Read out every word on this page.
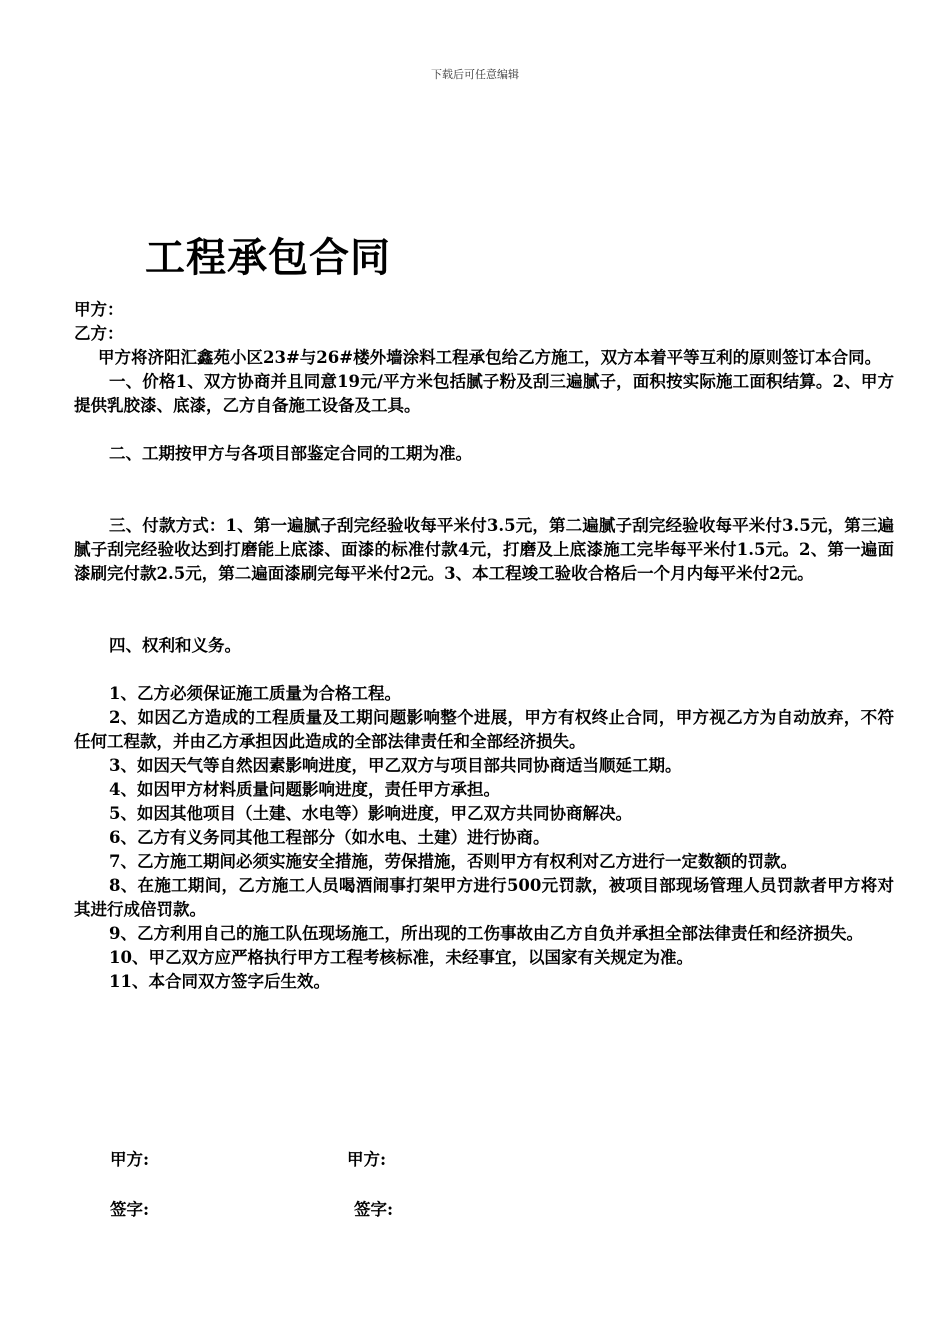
下载后可任意编辑
工程承包合同

甲方：

乙方：

甲方将济阳汇鑫苑小区23#与26#楼外墙涂料工程承包给乙方施工，双方本着平等互利的原则签订本合同。

一、价格1、双方协商并且同意19元/平方米包括腻子粉及刮三遍腻子，面积按实际施工面积结算。2、甲方提供乳胶漆、底漆，乙方自备施工设备及工具。

二、工期按甲方与各项目部鉴定合同的工期为准。

三、付款方式：1、第一遍腻子刮完经验收每平米付3.5元，第二遍腻子刮完经验收每平米付3.5元，第三遍腻子刮完经验收达到打磨能上底漆、面漆的标准付款4元，打磨及上底漆施工完毕每平米付1.5元。2、第一遍面漆刷完付款2.5元，第二遍面漆刷完每平米付2元。3、本工程竣工验收合格后一个月内每平米付2元。

四、权利和义务。

1、乙方必须保证施工质量为合格工程。

2、如因乙方造成的工程质量及工期问题影响整个进展，甲方有权终止合同，甲方视乙方为自动放弃，不符任何工程款，并由乙方承担因此造成的全部法律责任和全部经济损失。

3、如因天气等自然因素影响进度，甲乙双方与项目部共同协商适当顺延工期。

4、如因甲方材料质量问题影响进度，责任甲方承担。

5、如因其他项目（土建、水电等）影响进度，甲乙双方共同协商解决。

6、乙方有义务同其他工程部分（如水电、土建）进行协商。

7、乙方施工期间必须实施安全措施，劳保措施，否则甲方有权利对乙方进行一定数额的罚款。

8、在施工期间，乙方施工人员喝酒闹事打架甲方进行500元罚款，被项目部现场管理人员罚款者甲方将对其进行成倍罚款。

9、乙方利用自己的施工队伍现场施工，所出现的工伤事故由乙方自负并承担全部法律责任和经济损失。

10、甲乙双方应严格执行甲方工程考核标准，未经事宜，以国家有关规定为准。

11、本合同双方签字后生效。

甲方:	甲方:
签字:	签字:
